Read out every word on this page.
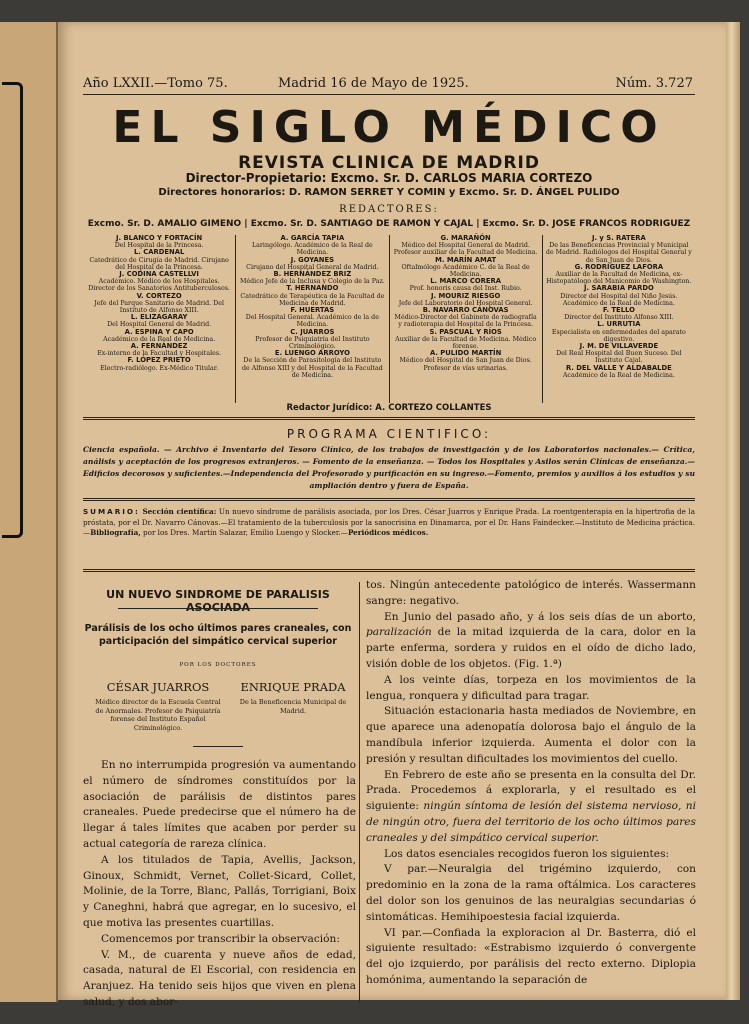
Año LXXII.—Tomo 75.	Madrid 16 de Mayo de 1925.	Núm. 3.727
EL SIGLO MÉDICO
REVISTA CLINICA DE MADRID
Director-Propietario: Excmo. Sr. D. CARLOS MARIA CORTEZO
Directores honorarios: D. RAMON SERRET Y COMIN y Excmo. Sr. D. ÁNGEL PULIDO
REDACTORES:
Excmo. Sr. D. AMALIO GIMENO | Excmo. Sr. D. SANTIAGO DE RAMON Y CAJAL | Excmo. Sr. D. JOSE FRANCOS RODRIGUEZ
J. BLANCO Y FORTACÍN
Del Hospital de la Princesa.
L. CARDENAL
Catedrático de Cirugía de Madrid. Cirujano del Hospital de la Princesa.
J. CODINA CASTELLVI
Académico. Médico de los Hospitales. Director de los Sanatorios Antituberculosos.
V. CORTEZO
Jefe del Parque Sanitario de Madrid. Del Instituto de Alfonso XIII.
L. ELIZAGARAY
Del Hospital General de Madrid.
A. ESPINA Y CAPO
Académico de la Real de Medicina.
A. FERNÁNDEZ
Ex-interno de la Facultad y Hospitales.
F. LÓPEZ PRIETO
Electro-radiólogo. Ex-Médico Titular.
A. GARCÍA TAPIA
Laringólogo. Académico de la Real de Medicina.
J. GOYANES
Cirujano del Hospital General de Madrid.
B. HERNÁNDEZ BRIZ
Médico Jefe de la Inclusa y Colegio de la Paz.
T. HERNANDO
Catedrático de Terapéutica de la Facultad de Medicina de Madrid.
F. HUERTAS
Del Hospital General. Académico de la de Medicina.
C. JUARROS
Profesor de Psiquiatría del Instituto Criminológico.
E. LUENGO ARROYO
De la Sección de Parasitología del Instituto de Alfonso XIII y del Hospital de la Facultad de Medicina.
G. MARAÑÓN
Médico del Hospital General de Madrid. Profesor auxiliar de la Facultad de Medicina.
M. MARÍN AMAT
Oftalmólogo Académico C. de la Real de Medicina.
L. MARCO CORERA
Prof. honoris causa del Inst. Rubio.
J. MOURIZ RIESGO
Jefe del Laboratorio del Hospital General.
B. NAVARRO CÁNOVAS
Médico-Director del Gabinete de radiografía y radioterapia del Hospital de la Princesa.
S. PASCUAL Y RÍOS
Auxiliar de la Facultad de Medicina. Médico forense.
A. PULIDO MARTÍN
Médico del Hospital de San Juan de Dios. Profesor de vías urinarias.
J. y S. RATERA
De las Beneficencias Provincial y Municipal de Madrid. Radiólogos del Hospital General y de San Juan de Dios.
G. RODRÍGUEZ LAFORA
Auxiliar de la Facultad de Medicina, ex-Histopatólogo del Manicomio de Washington.
J. SARABIA PARDO
Director del Hospital del Niño Jesús. Académico de la Real de Medicina.
F. TELLO
Director del Instituto Alfonso XIII.
L. URRUTIA
Especialista en enfermedades del aparato digestivo.
J. M. DE VILLAVERDE
Del Real Hospital del Buen Suceso. Del Instituto Cajal.
R. DEL VALLE Y ALDABALDE
Académico de la Real de Medicina.
Redactor Jurídico: A. CORTEZO COLLANTES
PROGRAMA CIENTIFICO:
Ciencia española. — Archivo é Inventario del Tesoro Clínico, de los trabajos de investigación y de los Laboratorios nacionales.— Crítica, análisis y aceptación de los progresos extranjeros. — Fomento de la enseñanza. — Todos los Hospitales y Asilos serán Clínicas de enseñanza.—Edificios decorosos y suficientes.—Independencia del Profesorado y purificación en su ingreso.—Fomento, premios y auxilios á los estudios y su ampliación dentro y fuera de España.
SUMARIO: Sección científica: Un nuevo síndrome de parálisis asociada, por los Dres. César Juarros y Enrique Prada. La roentgenterapia en la hipertrofia de la próstata, por el Dr. Navarro Cánovas.—El tratamiento de la tuberculosis por la sanocrisina en Dinamarca, por el Dr. Hans Faindecker.—Instituto de Medicina práctica.—Bibliografía, por los Dres. Martín Salazar, Emilio Luengo y Slocker.—Periódicos médicos.
UN NUEVO SINDROME DE PARALISIS ASOCIADA
Parálisis de los ocho últimos pares craneales, con participación del simpático cervical superior
POR LOS DOCTORES
CÉSAR JUARROS
Médico director de la Escuela Central de Anormales. Profesor de Psiquiatría forense del Instituto Español Criminológico.
ENRIQUE PRADA
De la Beneficencia Municipal de Madrid.

En no interrumpida progresión va aumentando el número de síndromes constituídos por la asociación de parálisis de distintos pares craneales. Puede predecirse que el número ha de llegar á tales límites que acaben por perder su actual categoría de rareza clínica.

A los titulados de Tapia, Avellis, Jackson, Ginoux, Schmidt, Vernet, Collet-Sicard, Collet, Molinie, de la Torre, Blanc, Pallás, Torrigiani, Boix y Caneghni, habrá que agregar, en lo sucesivo, el que motiva las presentes cuartillas.

Comencemos por transcribir la observación:

V. M., de cuarenta y nueve años de edad, casada, natural de El Escorial, con residencia en Aranjuez. Ha tenido seis hijos que viven en plena salud, y dos abor-

tos. Ningún antecedente patológico de interés. Wassermann sangre: negativo.

En Junio del pasado año, y á los seis días de un aborto, paralización de la mitad izquierda de la cara, dolor en la parte enferma, sordera y ruidos en el oído de dicho lado, visión doble de los objetos. (Fig. 1.ª)

A los veinte días, torpeza en los movimientos de la lengua, ronquera y dificultad para tragar.

Situación estacionaria hasta mediados de Noviembre, en que aparece una adenopatía dolorosa bajo el ángulo de la mandíbula inferior izquierda. Aumenta el dolor con la presión y resultan dificultades los movimientos del cuello.

En Febrero de este año se presenta en la consulta del Dr. Prada. Procedemos á explorarla, y el resultado es el siguiente: ningún síntoma de lesión del sistema nervioso, ni de ningún otro, fuera del territorio de los ocho últimos pares craneales y del simpático cervical superior.

Los datos esenciales recogidos fueron los siguientes:

V par.—Neuralgia del trigémino izquierdo, con predominio en la zona de la rama oftálmica. Los caracteres del dolor son los genuinos de las neuralgias secundarias ó sintomáticas. Hemihipoestesia facial izquierda.

VI par.—Confiada la exploracion al Dr. Basterra, dió el siguiente resultado: «Estrabismo izquierdo ó convergente del ojo izquierdo, por parálisis del recto externo. Diplopia homónima, aumentando la separación de
